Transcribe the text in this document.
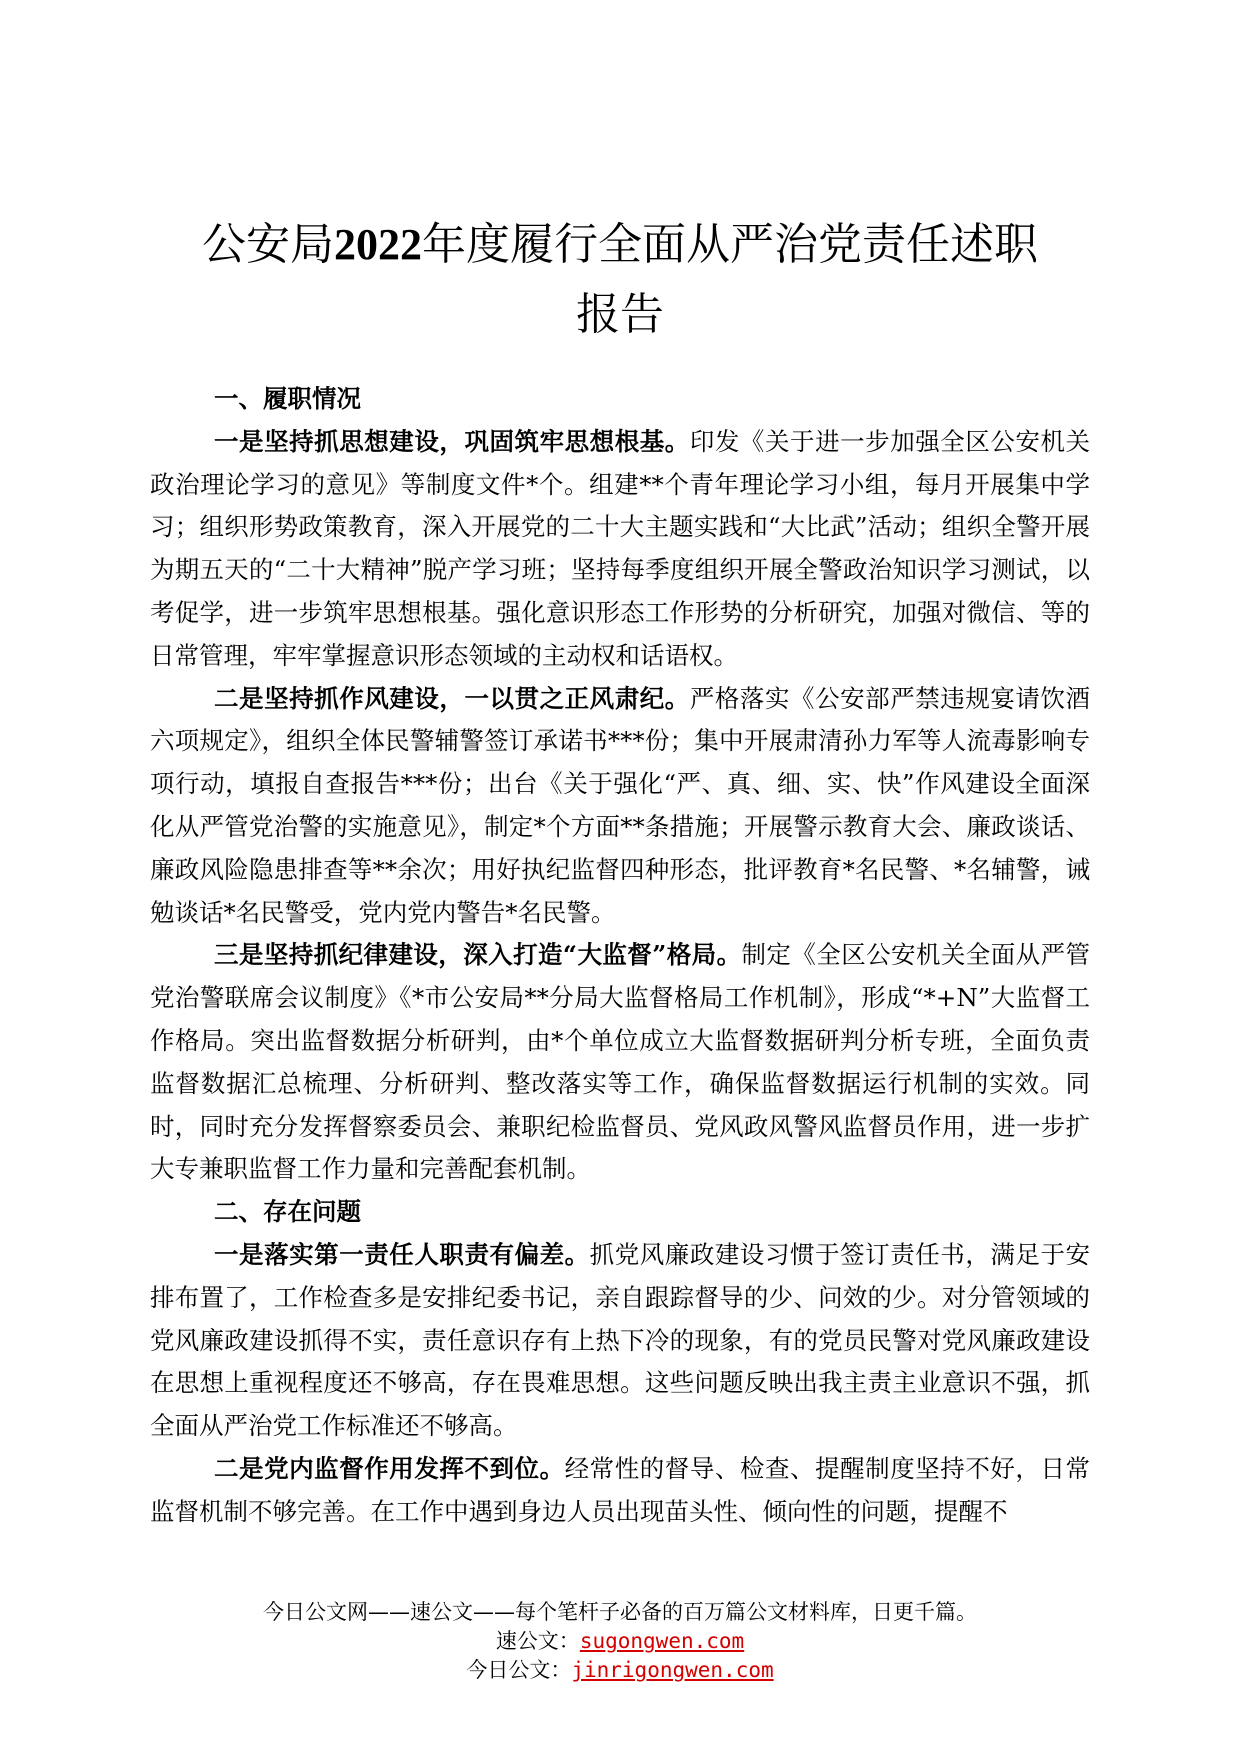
公安局2022年度履行全面从严治党责任述职
报告

一、履职情况

一是坚持抓思想建设，巩固筑牢思想根基。印发《关于进一步加强全区公安机关政治理论学习的意见》等制度文件*个。组建**个青年理论学习小组，每月开展集中学习；组织形势政策教育，深入开展党的二十大主题实践和“大比武”活动；组织全警开展为期五天的“二十大精神”脱产学习班；坚持每季度组织开展全警政治知识学习测试，以考促学，进一步筑牢思想根基。强化意识形态工作形势的分析研究，加强对微信、等的日常管理，牢牢掌握意识形态领域的主动权和话语权。

二是坚持抓作风建设，一以贯之正风肃纪。严格落实《公安部严禁违规宴请饮酒六项规定》，组织全体民警辅警签订承诺书***份；集中开展肃清孙力军等人流毒影响专项行动，填报自查报告***份；出台《关于强化“严、真、细、实、快”作风建设全面深化从严管党治警的实施意见》，制定*个方面**条措施；开展警示教育大会、廉政谈话、廉政风险隐患排查等**余次；用好执纪监督四种形态，批评教育*名民警、*名辅警，诫勉谈话*名民警受，党内党内警告*名民警。

三是坚持抓纪律建设，深入打造“大监督”格局。制定《全区公安机关全面从严管党治警联席会议制度》《*市公安局**分局大监督格局工作机制》，形成“*+N”大监督工作格局。突出监督数据分析研判，由*个单位成立大监督数据研判分析专班，全面负责监督数据汇总梳理、分析研判、整改落实等工作，确保监督数据运行机制的实效。同时，同时充分发挥督察委员会、兼职纪检监督员、党风政风警风监督员作用，进一步扩大专兼职监督工作力量和完善配套机制。

二、存在问题

一是落实第一责任人职责有偏差。抓党风廉政建设习惯于签订责任书，满足于安排布置了，工作检查多是安排纪委书记，亲自跟踪督导的少、问效的少。对分管领域的党风廉政建设抓得不实，责任意识存有上热下冷的现象，有的党员民警对党风廉政建设在思想上重视程度还不够高，存在畏难思想。这些问题反映出我主责主业意识不强，抓全面从严治党工作标准还不够高。

二是党内监督作用发挥不到位。经常性的督导、检查、提醒制度坚持不好，日常监督机制不够完善。在工作中遇到身边人员出现苗头性、倾向性的问题，提醒不

今日公文网——速公文——每个笔杆子必备的百万篇公文材料库，日更千篇。
速公文：sugongwen.com
今日公文：jinrigongwen.com
